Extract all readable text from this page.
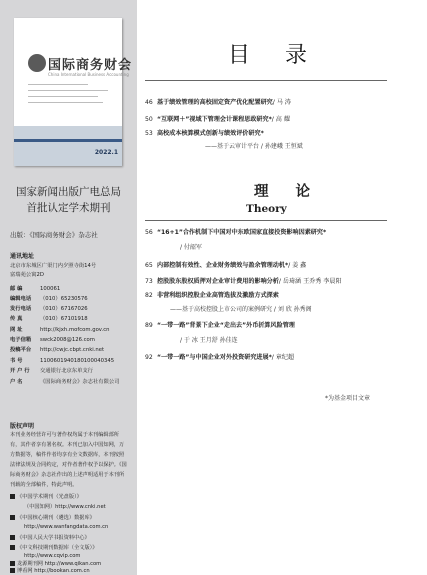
国际商务财会
China International Business Accounting
2022.1
国家新闻出版广电总局
首批认定学术期刊
出版：《国际商务财会》杂志社
通讯地址
北京市东城区广渠门内夕照寺街14号
富瑞苑公寓2D
邮 编	100061
编辑电话 （010）65230576
发行电话 （010）67167026
传 真	（010）67101918
网 址	http://kjxh.mofcom.gov.cn
电子信箱 swck2008@126.com
投稿平台 http://cwjc.cbpt.cnki.net
书 号	1100601940180100040345
开 户 行 交通银行北京东单支行
户 名	《国际商务财会》杂志社有限公司
版权声明
本刊业务经营许可与著作权均属于本刊编辑部所有，其作者享有署名权。本刊已加入中国知网，万方数据等，稿件作者均享有全文数据库，本刊按照法律法规及合同约定，对作者著作权予以保护。《国际商务财会》杂志社作出的上述声明适用于本刊所刊载的全部稿件，特此声明。
《中国学术期刊（光盘版）》
（中国知网）http://www.cnki.net
《中国核心期刊（遴选）数据库》
http://www.wanfangdata.com.cn
《中国人民大学书报资料中心》
《中文科技期刊数据库（全文版）》
http://www.cqvip.com
龙源期刊网 http://www.qikan.com
博看网 http://bookan.com.cn
目 录
46 基于绩效管理的高校固定资产优化配置研究/ 马 涛
50 “互联网＋”视域下管理会计课程思政研究*/ 高 耀
53 高校成本核算模式创新与绩效评价研究*
——基于云审计平台 / 孙建峨 王恒斌
理 论
Theory
56 “16+1”合作机制下中国对中东欧国家直接投资影响因素研究*
/ 付韶军
65 内部控制有效性、企业财务绩效与盈余管理动机*/ 姜 鑫
73 控股股东股权质押对企业审计费用的影响分析/ 岳琦涵 王乔秀 李晨阳
82 非营利组织控股企业高管选拔及激励方式探索
——基于高校控股上市公司的案例研究 / 刘 欣 孙秀阁
89 “一带一路”背景下企业“走出去”外币折算风险管理
/ 于 冰 王月舒 孙佳连
92 “一带一路”与中国企业对外投资研究进展*/ 章纪超
*为基金项目文章
